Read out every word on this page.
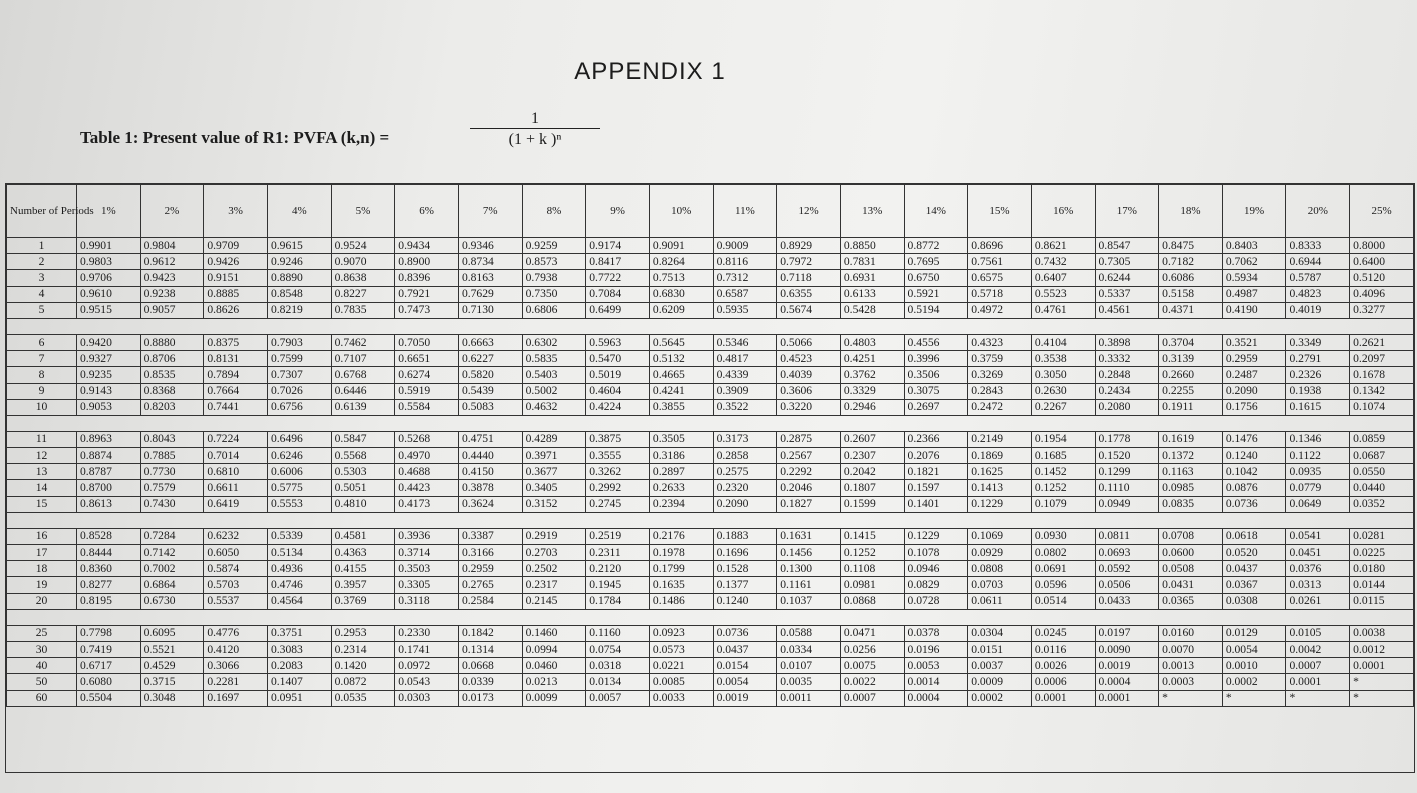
APPENDIX 1
Table 1: Present value of R1: PVFA (k,n) =	$\frac{1}{\text{(1 + k )ⁿ}}$
Number of Periods	1%	2%	3%	4%	5%	6%	7%	8%	9%	10%	11%	12%	13%	14%	15%	16%	17%	18%	19%	20%	25%
1	0.9901	0.9804	0.9709	0.9615	0.9524	0.9434	0.9346	0.9259	0.9174	0.9091	0.9009	0.8929	0.8850	0.8772	0.8696	0.8621	0.8547	0.8475	0.8403	0.8333	0.8000
2	0.9803	0.9612	0.9426	0.9246	0.9070	0.8900	0.8734	0.8573	0.8417	0.8264	0.8116	0.7972	0.7831	0.7695	0.7561	0.7432	0.7305	0.7182	0.7062	0.6944	0.6400
3	0.9706	0.9423	0.9151	0.8890	0.8638	0.8396	0.8163	0.7938	0.7722	0.7513	0.7312	0.7118	0.6931	0.6750	0.6575	0.6407	0.6244	0.6086	0.5934	0.5787	0.5120
4	0.9610	0.9238	0.8885	0.8548	0.8227	0.7921	0.7629	0.7350	0.7084	0.6830	0.6587	0.6355	0.6133	0.5921	0.5718	0.5523	0.5337	0.5158	0.4987	0.4823	0.4096
5	0.9515	0.9057	0.8626	0.8219	0.7835	0.7473	0.7130	0.6806	0.6499	0.6209	0.5935	0.5674	0.5428	0.5194	0.4972	0.4761	0.4561	0.4371	0.4190	0.4019	0.3277

6	0.9420	0.8880	0.8375	0.7903	0.7462	0.7050	0.6663	0.6302	0.5963	0.5645	0.5346	0.5066	0.4803	0.4556	0.4323	0.4104	0.3898	0.3704	0.3521	0.3349	0.2621
7	0.9327	0.8706	0.8131	0.7599	0.7107	0.6651	0.6227	0.5835	0.5470	0.5132	0.4817	0.4523	0.4251	0.3996	0.3759	0.3538	0.3332	0.3139	0.2959	0.2791	0.2097
8	0.9235	0.8535	0.7894	0.7307	0.6768	0.6274	0.5820	0.5403	0.5019	0.4665	0.4339	0.4039	0.3762	0.3506	0.3269	0.3050	0.2848	0.2660	0.2487	0.2326	0.1678
9	0.9143	0.8368	0.7664	0.7026	0.6446	0.5919	0.5439	0.5002	0.4604	0.4241	0.3909	0.3606	0.3329	0.3075	0.2843	0.2630	0.2434	0.2255	0.2090	0.1938	0.1342
10	0.9053	0.8203	0.7441	0.6756	0.6139	0.5584	0.5083	0.4632	0.4224	0.3855	0.3522	0.3220	0.2946	0.2697	0.2472	0.2267	0.2080	0.1911	0.1756	0.1615	0.1074

11	0.8963	0.8043	0.7224	0.6496	0.5847	0.5268	0.4751	0.4289	0.3875	0.3505	0.3173	0.2875	0.2607	0.2366	0.2149	0.1954	0.1778	0.1619	0.1476	0.1346	0.0859
12	0.8874	0.7885	0.7014	0.6246	0.5568	0.4970	0.4440	0.3971	0.3555	0.3186	0.2858	0.2567	0.2307	0.2076	0.1869	0.1685	0.1520	0.1372	0.1240	0.1122	0.0687
13	0.8787	0.7730	0.6810	0.6006	0.5303	0.4688	0.4150	0.3677	0.3262	0.2897	0.2575	0.2292	0.2042	0.1821	0.1625	0.1452	0.1299	0.1163	0.1042	0.0935	0.0550
14	0.8700	0.7579	0.6611	0.5775	0.5051	0.4423	0.3878	0.3405	0.2992	0.2633	0.2320	0.2046	0.1807	0.1597	0.1413	0.1252	0.1110	0.0985	0.0876	0.0779	0.0440
15	0.8613	0.7430	0.6419	0.5553	0.4810	0.4173	0.3624	0.3152	0.2745	0.2394	0.2090	0.1827	0.1599	0.1401	0.1229	0.1079	0.0949	0.0835	0.0736	0.0649	0.0352

16	0.8528	0.7284	0.6232	0.5339	0.4581	0.3936	0.3387	0.2919	0.2519	0.2176	0.1883	0.1631	0.1415	0.1229	0.1069	0.0930	0.0811	0.0708	0.0618	0.0541	0.0281
17	0.8444	0.7142	0.6050	0.5134	0.4363	0.3714	0.3166	0.2703	0.2311	0.1978	0.1696	0.1456	0.1252	0.1078	0.0929	0.0802	0.0693	0.0600	0.0520	0.0451	0.0225
18	0.8360	0.7002	0.5874	0.4936	0.4155	0.3503	0.2959	0.2502	0.2120	0.1799	0.1528	0.1300	0.1108	0.0946	0.0808	0.0691	0.0592	0.0508	0.0437	0.0376	0.0180
19	0.8277	0.6864	0.5703	0.4746	0.3957	0.3305	0.2765	0.2317	0.1945	0.1635	0.1377	0.1161	0.0981	0.0829	0.0703	0.0596	0.0506	0.0431	0.0367	0.0313	0.0144
20	0.8195	0.6730	0.5537	0.4564	0.3769	0.3118	0.2584	0.2145	0.1784	0.1486	0.1240	0.1037	0.0868	0.0728	0.0611	0.0514	0.0433	0.0365	0.0308	0.0261	0.0115

25	0.7798	0.6095	0.4776	0.3751	0.2953	0.2330	0.1842	0.1460	0.1160	0.0923	0.0736	0.0588	0.0471	0.0378	0.0304	0.0245	0.0197	0.0160	0.0129	0.0105	0.0038
30	0.7419	0.5521	0.4120	0.3083	0.2314	0.1741	0.1314	0.0994	0.0754	0.0573	0.0437	0.0334	0.0256	0.0196	0.0151	0.0116	0.0090	0.0070	0.0054	0.0042	0.0012
40	0.6717	0.4529	0.3066	0.2083	0.1420	0.0972	0.0668	0.0460	0.0318	0.0221	0.0154	0.0107	0.0075	0.0053	0.0037	0.0026	0.0019	0.0013	0.0010	0.0007	0.0001
50	0.6080	0.3715	0.2281	0.1407	0.0872	0.0543	0.0339	0.0213	0.0134	0.0085	0.0054	0.0035	0.0022	0.0014	0.0009	0.0006	0.0004	0.0003	0.0002	0.0001	*
60	0.5504	0.3048	0.1697	0.0951	0.0535	0.0303	0.0173	0.0099	0.0057	0.0033	0.0019	0.0011	0.0007	0.0004	0.0002	0.0001	0.0001	*	*	*	*
